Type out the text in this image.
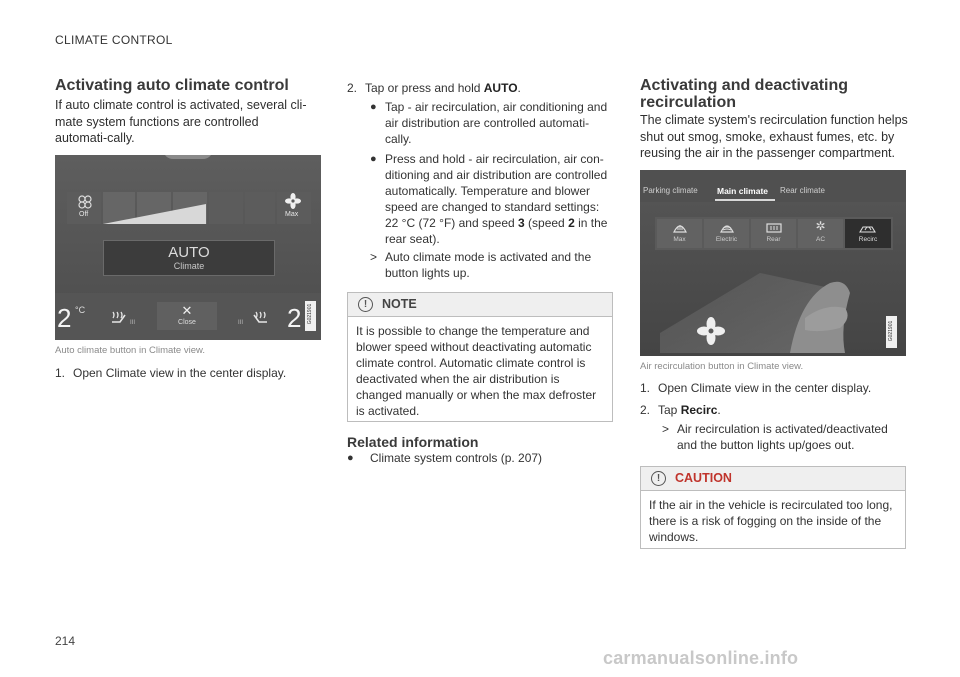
CLIMATE CONTROL
214
carmanualsonline.info
Activating auto climate control

If auto climate control is activated, several cli-mate system functions are controlled automati-cally.

Off	Max
AUTO
Climate
2 °C
III
✕
Close	III 2 G021901
Auto climate button in Climate view.
1. Open Climate view in the center display.
2. Tap or press and hold AUTO.
● Tap - air recirculation, air conditioning and air distribution are controlled automati-cally.
● Press and hold - air recirculation, air con-ditioning and air distribution are controlled automatically. Temperature and blower speed are changed to standard settings: 22 °C (72 °F) and speed 3 (speed 2 in the rear seat).
> Auto climate mode is activated and the button lights up.
!	NOTE
It is possible to change the temperature and blower speed without deactivating automatic climate control. Automatic climate control is deactivated when the air distribution is changed manually or when the max defroster is activated.
Related information
● Climate system controls (p. 207)
Activating and deactivating recirculation

The climate system's recirculation function helps shut out smog, smoke, exhaust fumes, etc. by reusing the air in the passenger compartment.

Parking climate Main climate Rear climate
Max	Electric	Rear
✲
AC	Recirc
G021901
Air recirculation button in Climate view.
1. Open Climate view in the center display.
2. Tap Recirc.
> Air recirculation is activated/deactivated and the button lights up/goes out.
!	CAUTION
If the air in the vehicle is recirculated too long, there is a risk of fogging on the inside of the windows.
